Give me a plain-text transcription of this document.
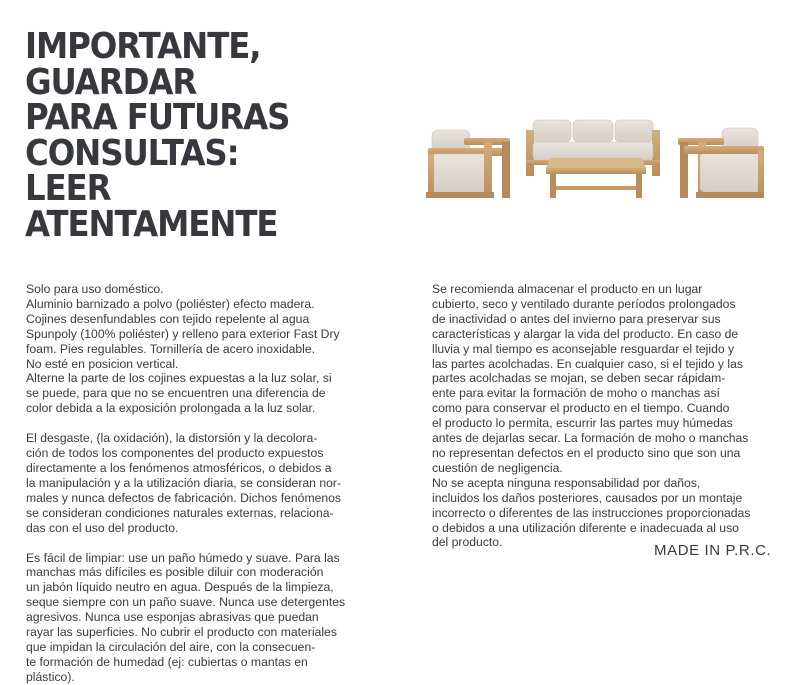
IMPORTANTE,
GUARDAR
PARA FUTURAS
CONSULTAS:
LEER
ATENTAMENTE

Solo para uso doméstico.
Aluminio barnizado a polvo (poliéster) efecto madera.
Cojines desenfundables con tejido repelente al agua
Spunpoly (100% poliéster) y relleno para exterior Fast Dry
foam. Pies regulables. Tornillería de acero inoxidable.
No esté en posicion vertical.
Alterne la parte de los cojines expuestas a la luz solar, si
se puede, para que no se encuentren una diferencia de
color debida a la exposición prolongada a la luz solar.

El desgaste, (la oxidación), la distorsión y la decolora-
ción de todos los componentes del producto expuestos
directamente a los fenómenos atmosféricos, o debidos a
la manipulación y a la utilización diaria, se consideran nor-
males y nunca defectos de fabricación. Dichos fenómenos
se consideran condiciones naturales externas, relaciona-
das con el uso del producto.

Es fácil de limpiar: use un paño húmedo y suave. Para las
manchas más difíciles es posible diluir con moderación
un jabón líquido neutro en agua. Después de la limpieza,
seque siempre con un paño suave. Nunca use detergentes
agresivos. Nunca use esponjas abrasivas que puedan
rayar las superficies. No cubrir el producto con materiales
que impidan la circulación del aire, con la consecuen-
te formación de humedad (ej: cubiertas o mantas en
plástico).

Se recomienda almacenar el producto en un lugar
cubierto, seco y ventilado durante períodos prolongados
de inactividad o antes del invierno para preservar sus
características y alargar la vida del producto. En caso de
lluvia y mal tiempo es aconsejable resguardar el tejido y
las partes acolchadas. En cualquier caso, si el tejido y las
partes acolchadas se mojan, se deben secar rápidam-
ente para evitar la formación de moho o manchas así
como para conservar el producto en el tiempo. Cuando
el producto lo permita, escurrir las partes muy húmedas
antes de dejarlas secar. La formación de moho o manchas
no representan defectos en el producto sino que son una
cuestión de negligencia.
No se acepta ninguna responsabilidad por daños,
incluidos los daños posteriores, causados por un montaje
incorrecto o diferentes de las instrucciones proporcionadas
o debidos a una utilización diferente e inadecuada al uso
del producto.	MADE IN P.R.C.
